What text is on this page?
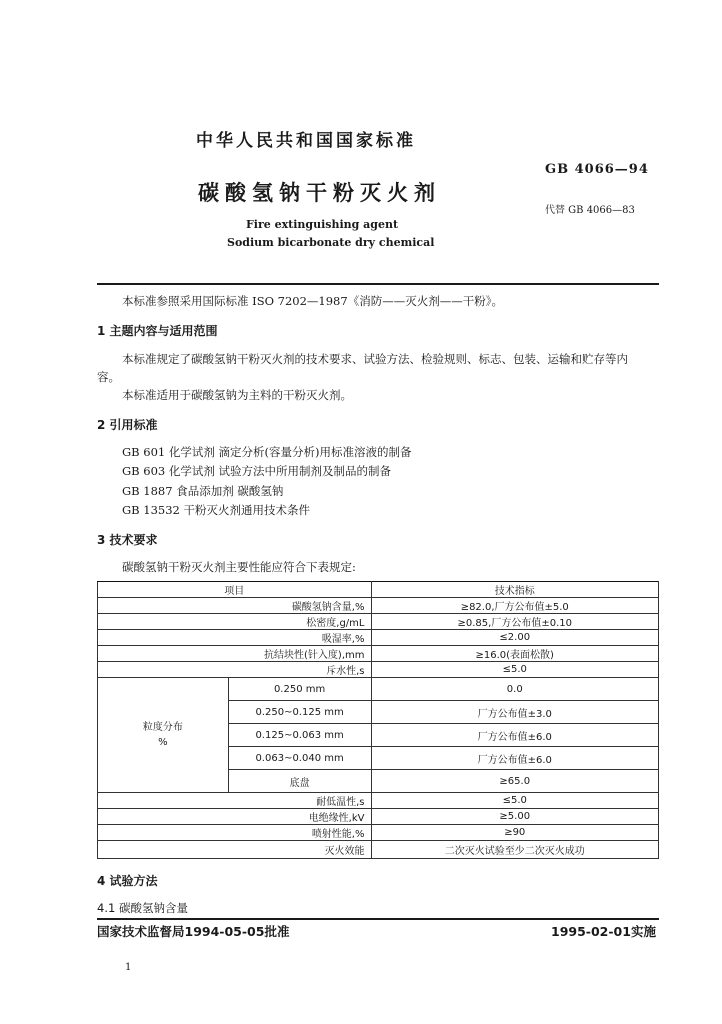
中华人民共和国国家标准
GB 4066—94
碳酸氢钠干粉灭火剂
代替 GB 4066—83
Fire extinguishing agent
Sodium bicarbonate dry chemical
本标准参照采用国际标准 ISO 7202—1987《消防——灭火剂——干粉》。
1 主题内容与适用范围
本标准规定了碳酸氢钠干粉灭火剂的技术要求、试验方法、检验规则、标志、包装、运输和贮存等内
容。
本标准适用于碳酸氢钠为主料的干粉灭火剂。
2 引用标准
GB 601 化学试剂 滴定分析(容量分析)用标准溶液的制备
GB 603 化学试剂 试验方法中所用制剂及制品的制备
GB 1887 食品添加剂 碳酸氢钠
GB 13532 干粉灭火剂通用技术条件
3 技术要求
碳酸氢钠干粉灭火剂主要性能应符合下表规定:
项目		技术指标
碳酸氢钠含量,%		≥82.0,厂方公布值±5.0
松密度,g/mL		≥0.85,厂方公布值±0.10
吸湿率,%		≤2.00
抗结块性(针入度),mm		≥16.0(表面松散)
斥水性,s		≤5.0
粒度分布
%	0.250 mm	0.0
	0.250~0.125 mm	厂方公布值±3.0
	0.125~0.063 mm	厂方公布值±6.0
	0.063~0.040 mm	厂方公布值±6.0
	底盘	≥65.0
耐低温性,s		≤5.0
电绝缘性,kV		≥5.00
喷射性能,%		≥90
灭火效能		二次灭火试验至少二次灭火成功
4 试验方法
4.1 碳酸氢钠含量
国家技术监督局1994-05-05批准	1995-02-01实施
1
